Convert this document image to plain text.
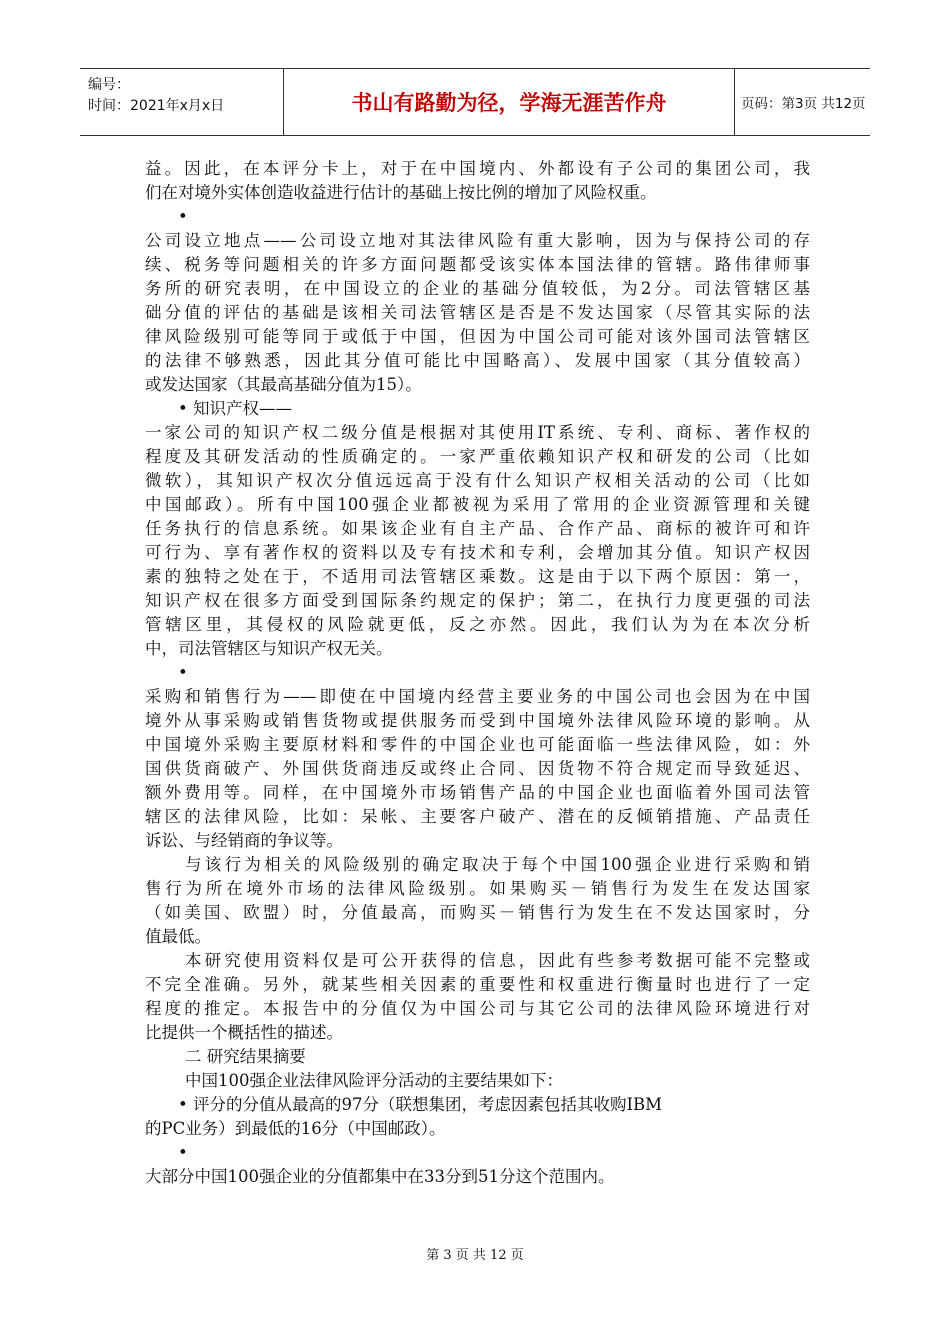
编号：
时间：2021年x月x日	书山有路勤为径，学海无涯苦作舟	页码：第3页 共12页

益。因此，在本评分卡上，对于在中国境内、外都设有子公司的集团公司，我

们在对境外实体创造收益进行估计的基础上按比例的增加了风险权重。

•

公司设立地点——公司设立地对其法律风险有重大影响，因为与保持公司的存

续、税务等问题相关的许多方面问题都受该实体本国法律的管辖。路伟律师事

务所的研究表明，在中国设立的企业的基础分值较低，为2分。司法管辖区基

础分值的评估的基础是该相关司法管辖区是否是不发达国家（尽管其实际的法

律风险级别可能等同于或低于中国，但因为中国公司可能对该外国司法管辖区

的法律不够熟悉，因此其分值可能比中国略高）、发展中国家（其分值较高）

或发达国家（其最高基础分值为15）。

• 知识产权——

一家公司的知识产权二级分值是根据对其使用IT系统、专利、商标、著作权的

程度及其研发活动的性质确定的。一家严重依赖知识产权和研发的公司（比如

微软），其知识产权次分值远远高于没有什么知识产权相关活动的公司（比如

中国邮政）。所有中国100强企业都被视为采用了常用的企业资源管理和关键

任务执行的信息系统。如果该企业有自主产品、合作产品、商标的被许可和许

可行为、享有著作权的资料以及专有技术和专利，会增加其分值。知识产权因

素的独特之处在于，不适用司法管辖区乘数。这是由于以下两个原因：第一，

知识产权在很多方面受到国际条约规定的保护；第二，在执行力度更强的司法

管辖区里，其侵权的风险就更低，反之亦然。因此，我们认为为在本次分析

中，司法管辖区与知识产权无关。

•

采购和销售行为——即使在中国境内经营主要业务的中国公司也会因为在中国

境外从事采购或销售货物或提供服务而受到中国境外法律风险环境的影响。从

中国境外采购主要原材料和零件的中国企业也可能面临一些法律风险，如：外

国供货商破产、外国供货商违反或终止合同、因货物不符合规定而导致延迟、

额外费用等。同样，在中国境外市场销售产品的中国企业也面临着外国司法管

辖区的法律风险，比如：呆帐、主要客户破产、潜在的反倾销措施、产品责任

诉讼、与经销商的争议等。

与该行为相关的风险级别的确定取决于每个中国100强企业进行采购和销

售行为所在境外市场的法律风险级别。如果购买－销售行为发生在发达国家

（如美国、欧盟）时，分值最高，而购买－销售行为发生在不发达国家时，分

值最低。

本研究使用资料仅是可公开获得的信息，因此有些参考数据可能不完整或

不完全准确。另外，就某些相关因素的重要性和权重进行衡量时也进行了一定

程度的推定。本报告中的分值仅为中国公司与其它公司的法律风险环境进行对

比提供一个概括性的描述。

二 研究结果摘要

中国100强企业法律风险评分活动的主要结果如下：

• 评分的分值从最高的97分（联想集团，考虑因素包括其收购IBM

的PC业务）到最低的16分（中国邮政）。

•

大部分中国100强企业的分值都集中在33分到51分这个范围内。

第 3 页 共 12 页
